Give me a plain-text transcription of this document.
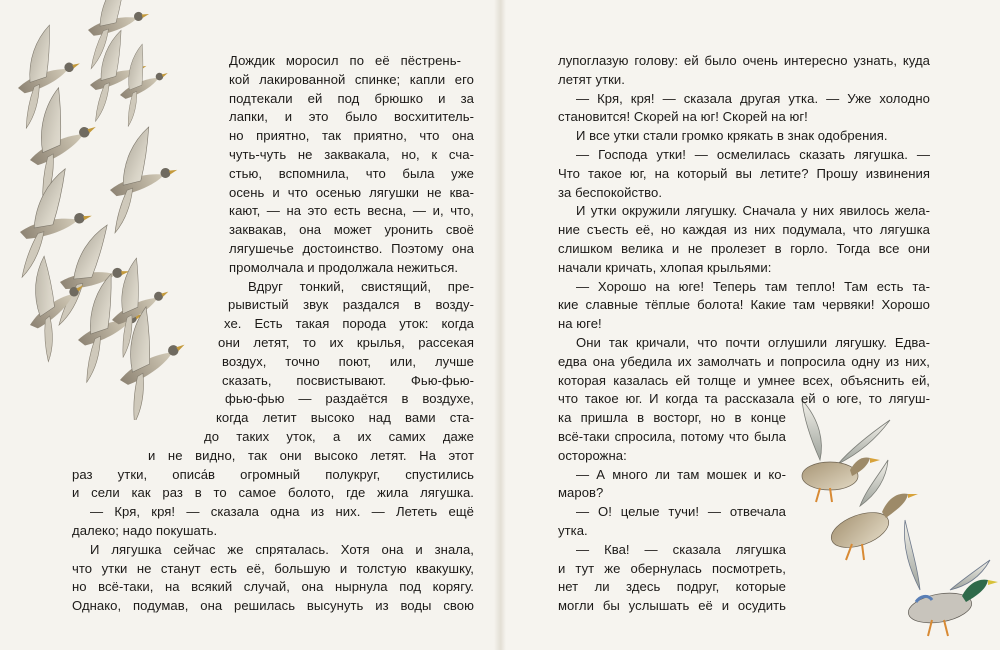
Дождик моросил по её пёстрень-
кой лакированной спинке; капли его
подтекали ей под брюшко и за
лапки, и это было восхититель-
но приятно, так приятно, что она
чуть-чуть не заквакала, но, к сча-
стью, вспомнила, что была уже
осень и что осенью лягушки не ква-
кают, — на это есть весна, — и, что,
заквакав, она может уронить своё
лягушечье достоинство. Поэтому она
промолчала и продолжала нежиться.
Вдруг тонкий, свистящий, пре-
рывистый звук раздался в возду-
хе. Есть такая порода уток: когда
они летят, то их крылья, рассекая
воздух, точно поют, или, лучше
сказать, посвистывают. Фью-фью-
фью-фью — раздаётся в воздухе,
когда летит высоко над вами ста-
до таких уток, а их самих даже
и не видно, так они высоко летят. На этот
раз утки, описа́в огромный полукруг, спустились
и сели как раз в то самое болото, где жила лягушка.
— Кря, кря! — сказала одна из них. — Лететь ещё
далеко; надо покушать.
И лягушка сейчас же спряталась. Хотя она и знала,
что утки не станут есть её, большую и толстую квакушку,
но всё-таки, на всякий случай, она нырнула под корягу.
Однако, подумав, она решилась высунуть из воды свою
лупоглазую голову: ей было очень интересно узнать, куда
летят утки.
— Кря, кря! — сказала другая утка. — Уже холодно
становится! Скорей на юг! Скорей на юг!
И все утки стали громко крякать в знак одобрения.
— Господа утки! — осмелилась сказать лягушка. —
Что такое юг, на который вы летите? Прошу извинения
за беспокойство.
И утки окружили лягушку. Сначала у них явилось жела-
ние съесть её, но каждая из них подумала, что лягушка
слишком велика и не пролезет в горло. Тогда все они
начали кричать, хлопая крыльями:
— Хорошо на юге! Теперь там тепло! Там есть та-
кие славные тёплые болота! Какие там червяки! Хорошо
на юге!
Они так кричали, что почти оглушили лягушку. Едва-
едва она убедила их замолчать и попросила одну из них,
которая казалась ей толще и умнее всех, объяснить ей,
что такое юг. И когда та рассказала ей о юге, то лягуш-
ка пришла в восторг, но в конце
всё-таки спросила, потому что была
осторожна:
— А много ли там мошек и ко-
маров?
— О! целые тучи! — отвечала
утка.
— Ква! — сказала лягушка
и тут же обернулась посмотреть,
нет ли здесь подруг, которые
могли бы услышать её и осудить
